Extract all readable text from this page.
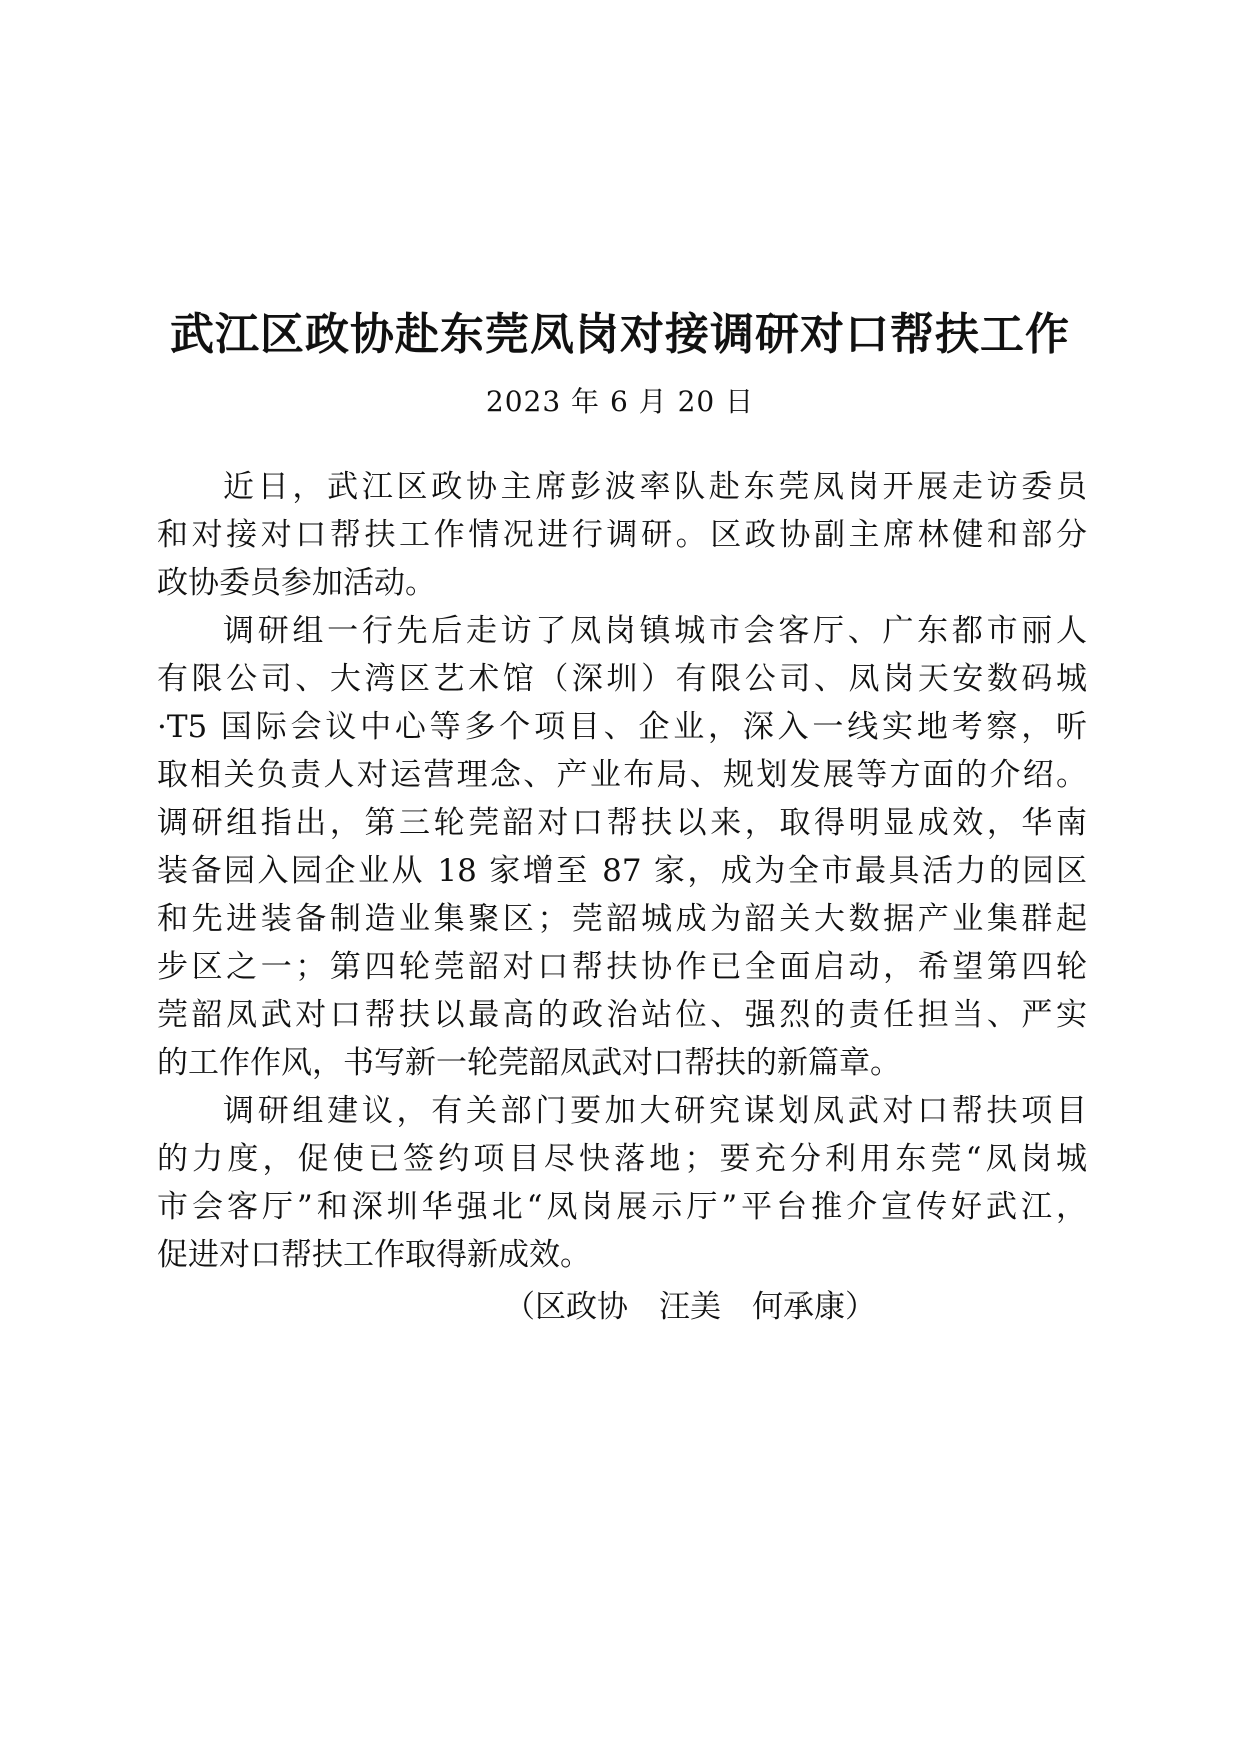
武江区政协赴东莞凤岗对接调研对口帮扶工作
2023 年 6 月 20 日
近日，武江区政协主席彭波率队赴东莞凤岗开展走访委员
和对接对口帮扶工作情况进行调研。区政协副主席林健和部分
政协委员参加活动。
调研组一行先后走访了凤岗镇城市会客厅、广东都市丽人
有限公司、大湾区艺术馆（深圳）有限公司、凤岗天安数码城
·T5 国际会议中心等多个项目、企业，深入一线实地考察，听
取相关负责人对运营理念、产业布局、规划发展等方面的介绍。
调研组指出，第三轮莞韶对口帮扶以来，取得明显成效，华南
装备园入园企业从 18 家增至 87 家，成为全市最具活力的园区
和先进装备制造业集聚区；莞韶城成为韶关大数据产业集群起
步区之一；第四轮莞韶对口帮扶协作已全面启动，希望第四轮
莞韶凤武对口帮扶以最高的政治站位、强烈的责任担当、严实
的工作作风，书写新一轮莞韶凤武对口帮扶的新篇章。
调研组建议，有关部门要加大研究谋划凤武对口帮扶项目
的力度，促使已签约项目尽快落地；要充分利用东莞“凤岗城
市会客厅”和深圳华强北“凤岗展示厅”平台推介宣传好武江，
促进对口帮扶工作取得新成效。
（区政协　汪美　何承康）
